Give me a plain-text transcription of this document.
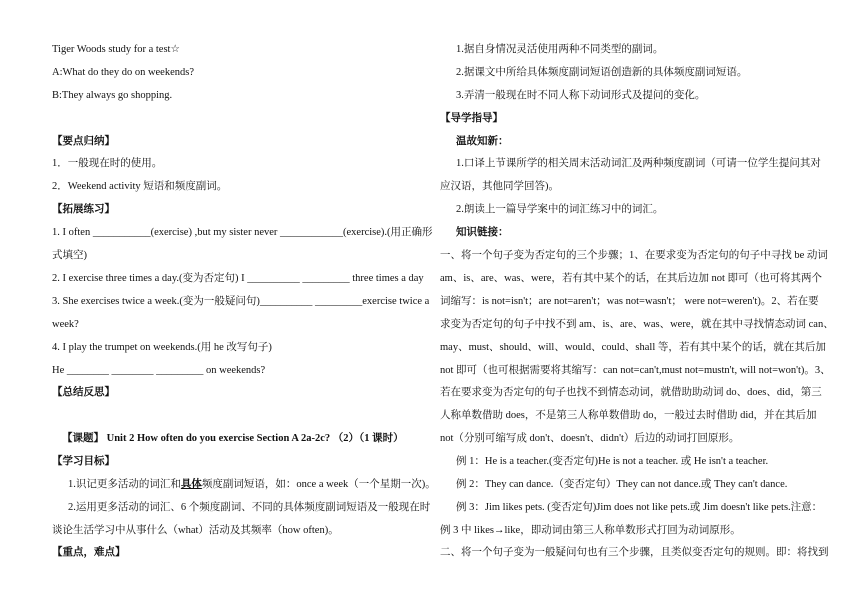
Tiger Woods study for a test☆
A:What do they do on weekends?
B:They always go shopping.
【要点归纳】
1．一般现在时的使用。
2．Weekend activity 短语和频度副词。
【拓展练习】
1. I often ___________(exercise) ,but my sister never ____________(exercise).(用正确形
式填空)
2. I exercise three times a day.(变为否定句) I __________ _________ three times a day
3. She exercises twice a week.(变为一般疑问句)__________ _________exercise twice a
week?
4. I play the trumpet on weekends.(用 he 改写句子)
He ________ ________ _________ on weekends?
【总结反思】
【课题】 Unit 2 How often do you exercise Section A 2a-2c? （2）（1 课时）
【学习目标】
1.识记更多活动的词汇和具体频度副词短语，如：once a week（一个星期一次)。
2.运用更多活动的词汇、6 个频度副词、不同的具体频度副词短语及一般现在时
谈论生活学习中从事什么（what）活动及其频率（how often)。
【重点，难点】
1.据自身情况灵活使用两种不同类型的副词。
2.据课文中所给具体频度副词短语创造新的具体频度副词短语。
3.弄清一般现在时不同人称下动词形式及提问的变化。
【导学指导】
温故知新：
1.口译上节课所学的相关周末活动词汇及两种频度副词（可请一位学生提问其对
应汉语，其他同学回答)。
2.朗读上一篇导学案中的词汇练习中的词汇。
知识链接：
一、将一个句子变为否定句的三个步骤；1、在要求变为否定句的句子中寻找 be 动词
am、is、are、was、were，若有其中某个的话，在其后边加 not 即可（也可将其两个
词缩写：is not=isn't；are not=aren't；was not=wasn't； were not=weren't)。2、若在要
求变为否定句的句子中找不到 am、is、are、was、were，就在其中寻找情态动词 can、
may、must、should、will、would、could、shall 等，若有其中某个的话，就在其后加
not 即可（也可根据需要将其缩写：can not=can't,must not=mustn't, will not=won't)。3、
若在要求变为否定句的句子也找不到情态动词，就借助助动词 do、does、did，第三
人称单数借助 does，不是第三人称单数借助 do，一般过去时借助 did，并在其后加
not（分别可缩写成 don't、doesn't、didn't）后边的动词打回原形。
例 1：He is a teacher.(变否定句)He is not a teacher. 或 He isn't a teacher.
例 2：They can dance.（变否定句）They can not dance.或 They can't dance.
例 3：Jim likes pets. (变否定句)Jim does not like pets.或 Jim doesn't like pets.注意：
例 3 中 likes→like，即动词由第三人称单数形式打回为动词原形。
二、将一个句子变为一般疑问句也有三个步骤，且类似变否定句的规则。即：将找到
